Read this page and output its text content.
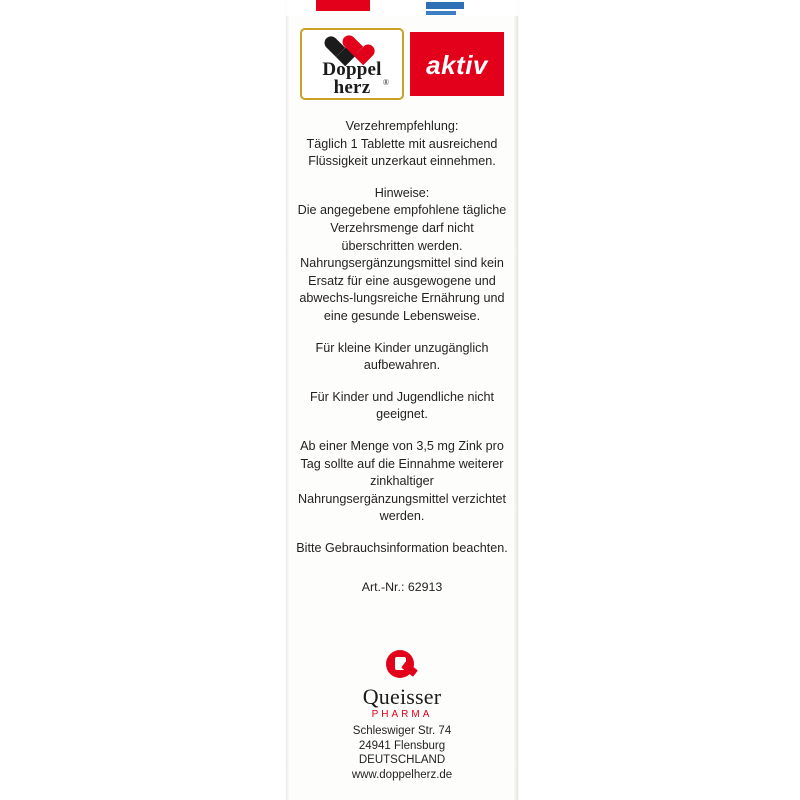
Doppel
herz	®
aktiv

Verzehrempfehlung:

Täglich 1 Tablette mit ausreichend Flüssigkeit unzerkaut einnehmen.

Hinweise:

Die angegebene empfohlene tägliche Verzehrsmenge darf nicht überschritten werden. Nahrungsergänzungsmittel sind kein Ersatz für eine ausgewogene und abwechs-lungsreiche Ernährung und eine gesunde Lebensweise.

Für kleine Kinder unzugänglich aufbewahren.

Für Kinder und Jugendliche nicht geeignet.

Ab einer Menge von 3,5 mg Zink pro Tag sollte auf die Einnahme weiterer zinkhaltiger Nahrungsergänzungsmittel verzichtet werden.

Bitte Gebrauchsinformation beachten.

Art.-Nr.: 62913

Queisser
PHARMA
Schleswiger Str. 74
24941 Flensburg
DEUTSCHLAND
www.doppelherz.de
